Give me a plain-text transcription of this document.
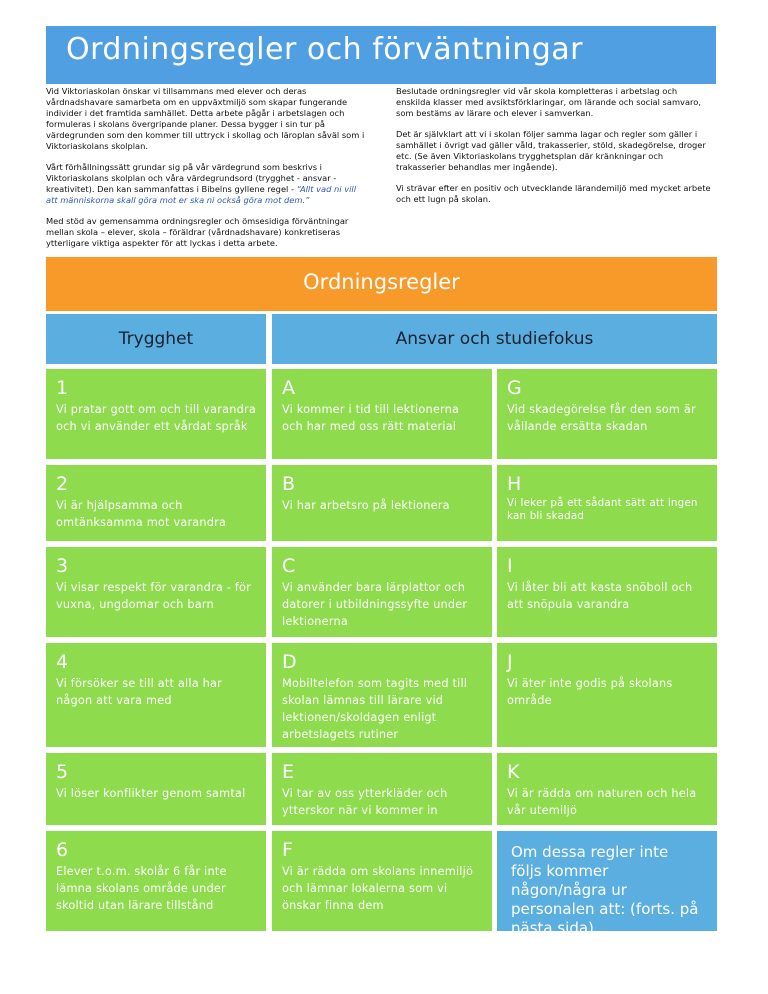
Ordningsregler och förväntningar

Vid Viktoriaskolan önskar vi tillsammans med elever och deras vårdnadshavare samarbeta om en uppväxtmiljö som skapar fungerande individer i det framtida samhället. Detta arbete pågår i arbetslagen och formuleras i skolans övergripande planer. Dessa bygger i sin tur på värdegrunden som den kommer till uttryck i skollag och läroplan såväl som i Viktoriaskolans skolplan.

Vårt förhållningssätt grundar sig på vår värdegrund som beskrivs i Viktoriaskolans skolplan och våra värdegrundsord (trygghet - ansvar - kreativitet). Den kan sammanfattas i Bibelns gyllene regel - “Allt vad ni vill att människorna skall göra mot er ska ni också göra mot dem.”

Med stöd av gemensamma ordningsregler och ömsesidiga förväntningar mellan skola – elever, skola – föräldrar (vårdnadshavare) konkretiseras ytterligare viktiga aspekter för att lyckas i detta arbete.

Beslutade ordningsregler vid vår skola kompletteras i arbetslag och enskilda klasser med avsiktsförklaringar, om lärande och social samvaro, som bestäms av lärare och elever i samverkan.

Det är självklart att vi i skolan följer samma lagar och regler som gäller i samhället i övrigt vad gäller våld, trakasserier, stöld, skadegörelse, droger etc. (Se även Viktoriaskolans trygghetsplan där kränkningar och trakasserier behandlas mer ingående).

Vi strävar efter en positiv och utvecklande lärandemiljö med mycket arbete och ett lugn på skolan.

Ordningsregler
Trygghet	Ansvar och studiefokus
1
Vi pratar gott om och till varandra och vi använder ett vårdat språk
2
Vi är hjälpsamma och omtänksamma mot varandra
3
Vi visar respekt för varandra - för vuxna, ungdomar och barn
4
Vi försöker se till att alla har någon att vara med
5
Vi löser konflikter genom samtal
6
Elever t.o.m. skolår 6 får inte lämna skolans område under skoltid utan lärare tillstånd
A
Vi kommer i tid till lektionerna och har med oss rätt material
B
Vi har arbetsro på lektionera
C
Vi använder bara lärplattor och datorer i utbildningssyfte under lektionerna
D
Mobiltelefon som tagits med till skolan lämnas till lärare vid lektionen/skoldagen enligt arbetslagets rutiner
E
Vi tar av oss ytterkläder och ytterskor när vi kommer in
F
Vi är rädda om skolans innemiljö och lämnar lokalerna som vi önskar finna dem
G
Vid skadegörelse får den som är vållande ersätta skadan
H
Vi leker på ett sådant sätt att ingen kan bli skadad
I
Vi låter bli att kasta snöboll och att snöpula varandra
J
Vi äter inte godis på skolans område
K
Vi är rädda om naturen och hela vår utemiljö
Om dessa regler inte följs kommer någon/några ur personalen att: (forts. på nästa sida)
